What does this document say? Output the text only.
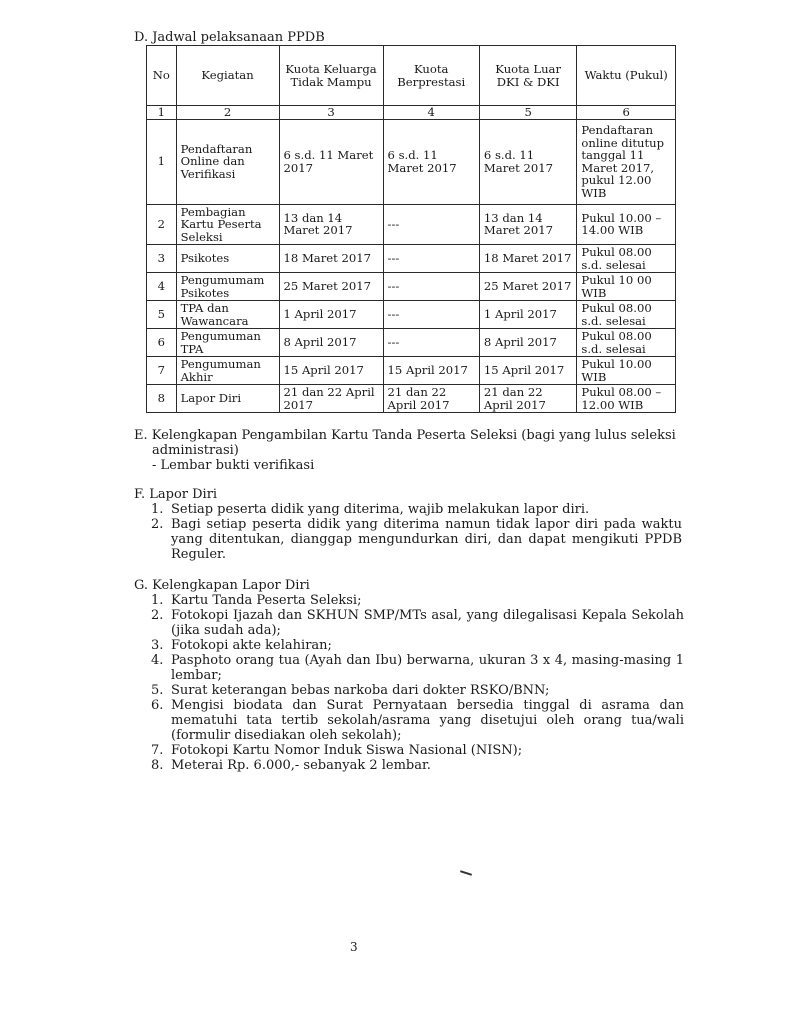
D. Jadwal pelaksanaan PPDB
No	Kegiatan	Kuota Keluarga Tidak Mampu	Kuota Berprestasi	Kuota Luar DKI & DKI	Waktu (Pukul)
1	2	3	4	5	6
1	Pendaftaran Online dan Verifikasi	6 s.d. 11 Maret 2017	6 s.d. 11 Maret 2017	6 s.d. 11 Maret 2017	Pendaftaran online ditutup tanggal 11 Maret 2017, pukul 12.00 WIB
2	Pembagian Kartu Peserta Seleksi	13 dan 14 Maret 2017	---	13 dan 14 Maret 2017	Pukul 10.00 – 14.00 WIB
3	Psikotes	18 Maret 2017	---	18 Maret 2017	Pukul 08.00 s.d. selesai
4	Pengumumam Psikotes	25 Maret 2017	---	25 Maret 2017	Pukul 10 00 WIB
5	TPA dan Wawancara	1 April 2017	---	1 April 2017	Pukul 08.00 s.d. selesai
6	Pengumuman TPA	8 April 2017	---	8 April 2017	Pukul 08.00 s.d. selesai
7	Pengumuman Akhir	15 April 2017	15 April 2017	15 April 2017	Pukul 10.00 WIB
8	Lapor Diri	21 dan 22 April 2017	21 dan 22 April 2017	21 dan 22 April 2017	Pukul 08.00 – 12.00 WIB
E. Kelengkapan Pengambilan Kartu Tanda Peserta Seleksi (bagi yang lulus seleksi administrasi)
- Lembar bukti verifikasi
F. Lapor Diri
1. Setiap peserta didik yang diterima, wajib melakukan lapor diri.
2. Bagi setiap peserta didik yang diterima namun tidak lapor diri pada waktu yang ditentukan, dianggap mengundurkan diri, dan dapat mengikuti PPDB Reguler.
G. Kelengkapan Lapor Diri
1. Kartu Tanda Peserta Seleksi;
2. Fotokopi Ijazah dan SKHUN SMP/MTs asal, yang dilegalisasi Kepala Sekolah (jika sudah ada);
3. Fotokopi akte kelahiran;
4. Pasphoto orang tua (Ayah dan Ibu) berwarna, ukuran 3 x 4, masing-masing 1 lembar;
5. Surat keterangan bebas narkoba dari dokter RSKO/BNN;
6. Mengisi biodata dan Surat Pernyataan bersedia tinggal di asrama dan mematuhi tata tertib sekolah/asrama yang disetujui oleh orang tua/wali (formulir disediakan oleh sekolah);
7. Fotokopi Kartu Nomor Induk Siswa Nasional (NISN);
8. Meterai Rp. 6.000,- sebanyak 2 lembar.
3
